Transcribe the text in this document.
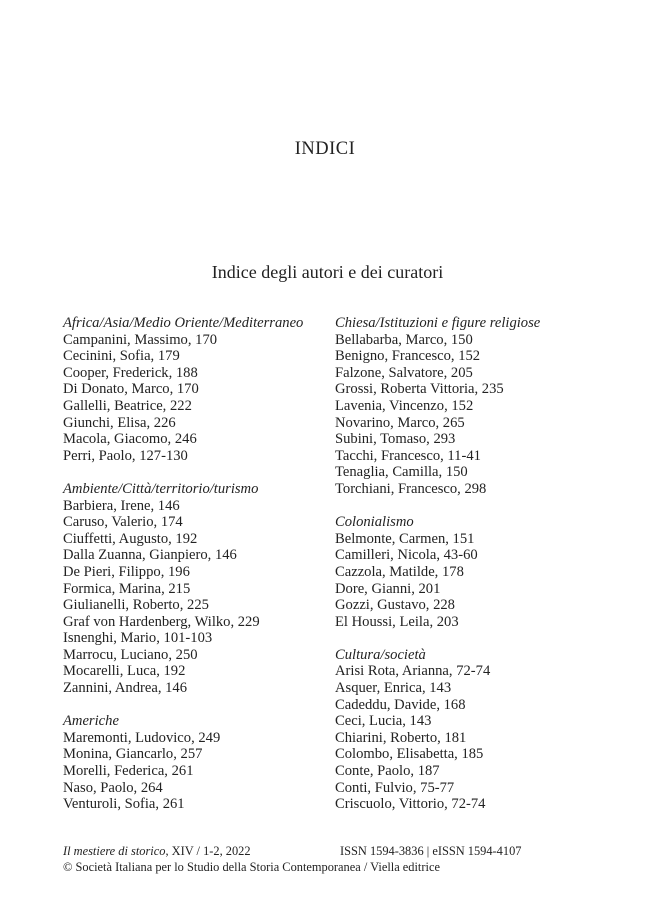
INDICI
Indice degli autori e dei curatori
Africa/Asia/Medio Oriente/Mediterraneo
Campanini, Massimo, 170
Cecinini, Sofia, 179
Cooper, Frederick, 188
Di Donato, Marco, 170
Gallelli, Beatrice, 222
Giunchi, Elisa, 226
Macola, Giacomo, 246
Perri, Paolo, 127-130
Ambiente/Città/territorio/turismo
Barbiera, Irene, 146
Caruso, Valerio, 174
Ciuffetti, Augusto, 192
Dalla Zuanna, Gianpiero, 146
De Pieri, Filippo, 196
Formica, Marina, 215
Giulianelli, Roberto, 225
Graf von Hardenberg, Wilko, 229
Isnenghi, Mario, 101-103
Marrocu, Luciano, 250
Mocarelli, Luca, 192
Zannini, Andrea, 146
Americhe
Maremonti, Ludovico, 249
Monina, Giancarlo, 257
Morelli, Federica, 261
Naso, Paolo, 264
Venturoli, Sofia, 261
Chiesa/Istituzioni e figure religiose
Bellabarba, Marco, 150
Benigno, Francesco, 152
Falzone, Salvatore, 205
Grossi, Roberta Vittoria, 235
Lavenia, Vincenzo, 152
Novarino, Marco, 265
Subini, Tomaso, 293
Tacchi, Francesco, 11-41
Tenaglia, Camilla, 150
Torchiani, Francesco, 298
Colonialismo
Belmonte, Carmen, 151
Camilleri, Nicola, 43-60
Cazzola, Matilde, 178
Dore, Gianni, 201
Gozzi, Gustavo, 228
El Houssi, Leila, 203
Cultura/società
Arisi Rota, Arianna, 72-74
Asquer, Enrica, 143
Cadeddu, Davide, 168
Ceci, Lucia, 143
Chiarini, Roberto, 181
Colombo, Elisabetta, 185
Conte, Paolo, 187
Conti, Fulvio, 75-77
Criscuolo, Vittorio, 72-74
Il mestiere di storico, XIV / 1-2, 2022	ISSN 1594-3836 | eISSN 1594-4107
© Società Italiana per lo Studio della Storia Contemporanea / Viella editrice
